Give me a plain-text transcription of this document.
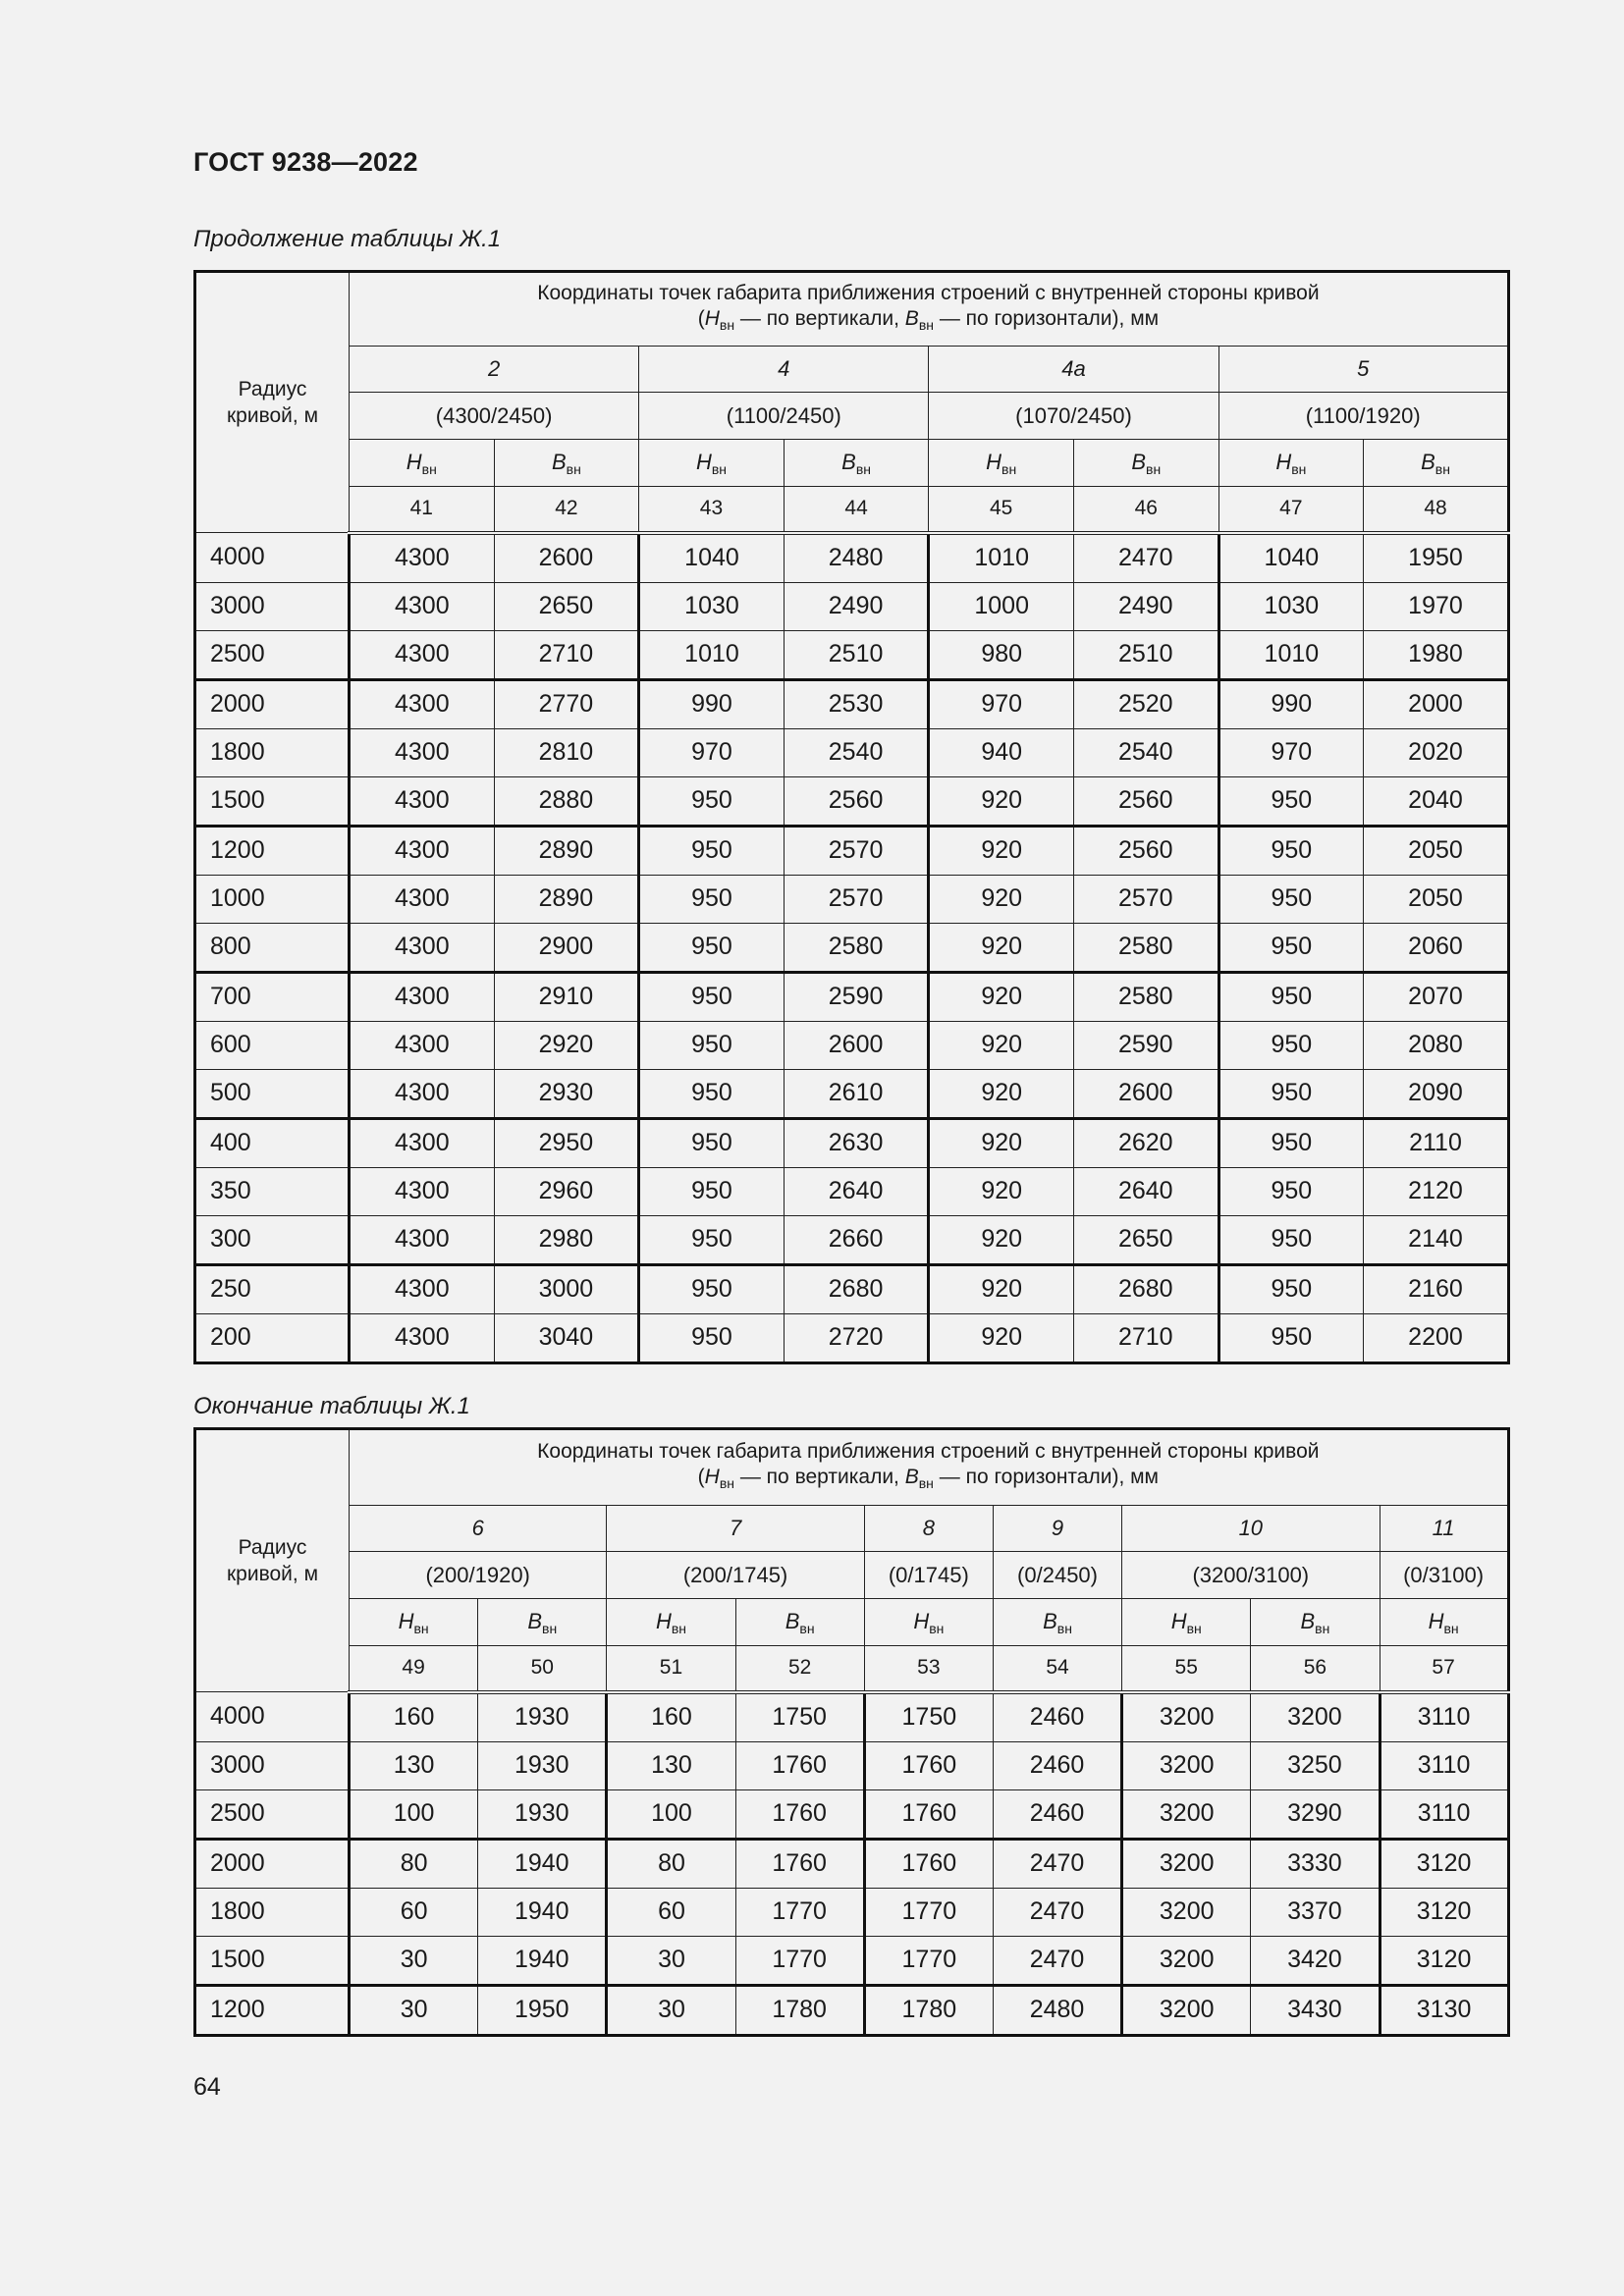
ГОСТ 9238—2022
Продолжение таблицы Ж.1
Радиус кривой, м	Координаты точек габарита приближения строений с внутренней стороны кривой
($H_{вн}$ — по вертикали, $B_{вн}$ — по горизонтали), мм							

	2		4		4а		5	
	(4300/2450)		(1100/2450)		(1070/2450)		(1100/1920)	
	$H_{вн}$	$B_{вн}$	$H_{вн}$	$B_{вн}$	$H_{вн}$	$B_{вн}$	$H_{вн}$	$B_{вн}$
	41	42	43	44	45	46	47	48
4000	4300	2600	1040	2480	1010	2470	1040	1950
3000	4300	2650	1030	2490	1000	2490	1030	1970
2500	4300	2710	1010	2510	980	2510	1010	1980
2000	4300	2770	990	2530	970	2520	990	2000
1800	4300	2810	970	2540	940	2540	970	2020
1500	4300	2880	950	2560	920	2560	950	2040
1200	4300	2890	950	2570	920	2560	950	2050
1000	4300	2890	950	2570	920	2570	950	2050
800	4300	2900	950	2580	920	2580	950	2060
700	4300	2910	950	2590	920	2580	950	2070
600	4300	2920	950	2600	920	2590	950	2080
500	4300	2930	950	2610	920	2600	950	2090
400	4300	2950	950	2630	920	2620	950	2110
350	4300	2960	950	2640	920	2640	950	2120
300	4300	2980	950	2660	920	2650	950	2140
250	4300	3000	950	2680	920	2680	950	2160
200	4300	3040	950	2720	920	2710	950	2200
Окончание таблицы Ж.1
Радиус кривой, м	Координаты точек габарита приближения строений с внутренней стороны кривой
($H_{вн}$ — по вертикали, $B_{вн}$ — по горизонтали), мм								

	6		7		8	9	10		11
	(200/1920)		(200/1745)		(0/1745)	(0/2450)	(3200/3100)		(0/3100)
	$H_{вн}$	$B_{вн}$	$H_{вн}$	$B_{вн}$	$H_{вн}$	$B_{вн}$	$H_{вн}$	$B_{вн}$	$H_{вн}$
	49	50	51	52	53	54	55	56	57
4000	160	1930	160	1750	1750	2460	3200	3200	3110
3000	130	1930	130	1760	1760	2460	3200	3250	3110
2500	100	1930	100	1760	1760	2460	3200	3290	3110
2000	80	1940	80	1760	1760	2470	3200	3330	3120
1800	60	1940	60	1770	1770	2470	3200	3370	3120
1500	30	1940	30	1770	1770	2470	3200	3420	3120
1200	30	1950	30	1780	1780	2480	3200	3430	3130
64
